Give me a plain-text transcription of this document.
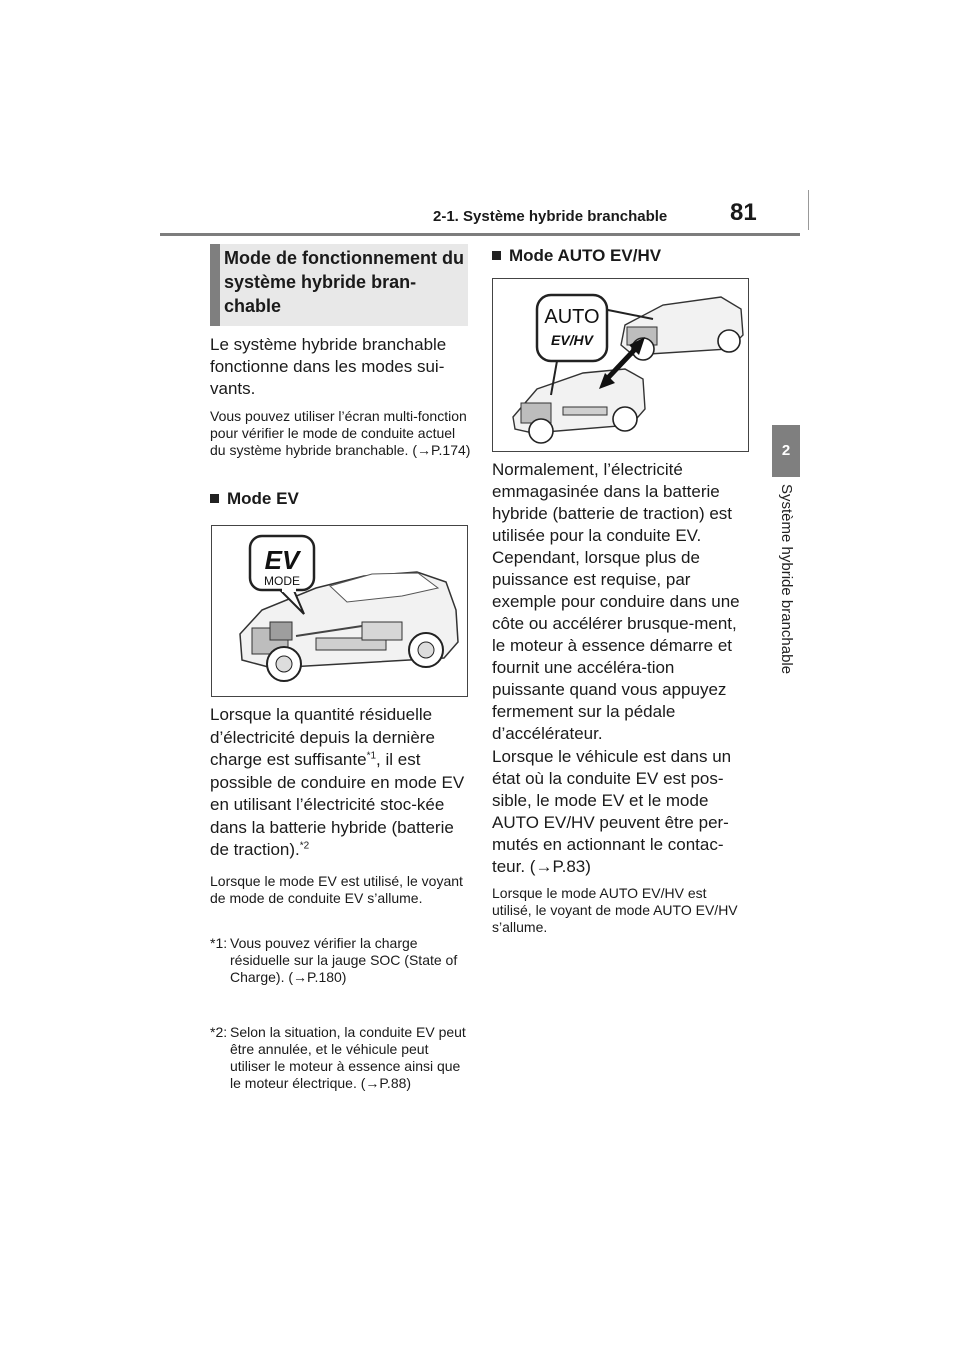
2-1. Système hybride branchable	81
2
Système hybride branchable
Mode de fonctionnement du système hybride bran-chable
Le système hybride branchable fonctionne dans les modes sui-vants.
Vous pouvez utiliser l’écran multi-fonction pour vérifier le mode de conduite actuel du système hybride branchable. (→P.174)
Mode EV
EV
MODE
Lorsque la quantité résiduelle d’électricité depuis la dernière charge est suffisante$^{*1}$, il est possible de conduire en mode EV en utilisant l’électricité stoc-kée dans la batterie hybride (batterie de traction).$^{*2}$
Lorsque le mode EV est utilisé, le voyant de mode de conduite EV s’allume.
*1: Vous pouvez vérifier la charge résiduelle sur la jauge SOC (State of Charge). (→P.180)
*2: Selon la situation, la conduite EV peut être annulée, et le véhicule peut utiliser le moteur à essence ainsi que le moteur électrique. (→P.88)
Mode AUTO EV/HV
AUTO
EV/HV
Normalement, l’électricité emmagasinée dans la batterie hybride (batterie de traction) est utilisée pour la conduite EV. Cependant, lorsque plus de puissance est requise, par exemple pour conduire dans une côte ou accélérer brusque-ment, le moteur à essence démarre et fournit une accéléra-tion puissante quand vous appuyez fermement sur la pédale d’accélérateur.
Lorsque le véhicule est dans un état où la conduite EV est pos-sible, le mode EV et le mode AUTO EV/HV peuvent être per-mutés en actionnant le contac-teur. (→P.83)
Lorsque le mode AUTO EV/HV est utilisé, le voyant de mode AUTO EV/HV s’allume.
